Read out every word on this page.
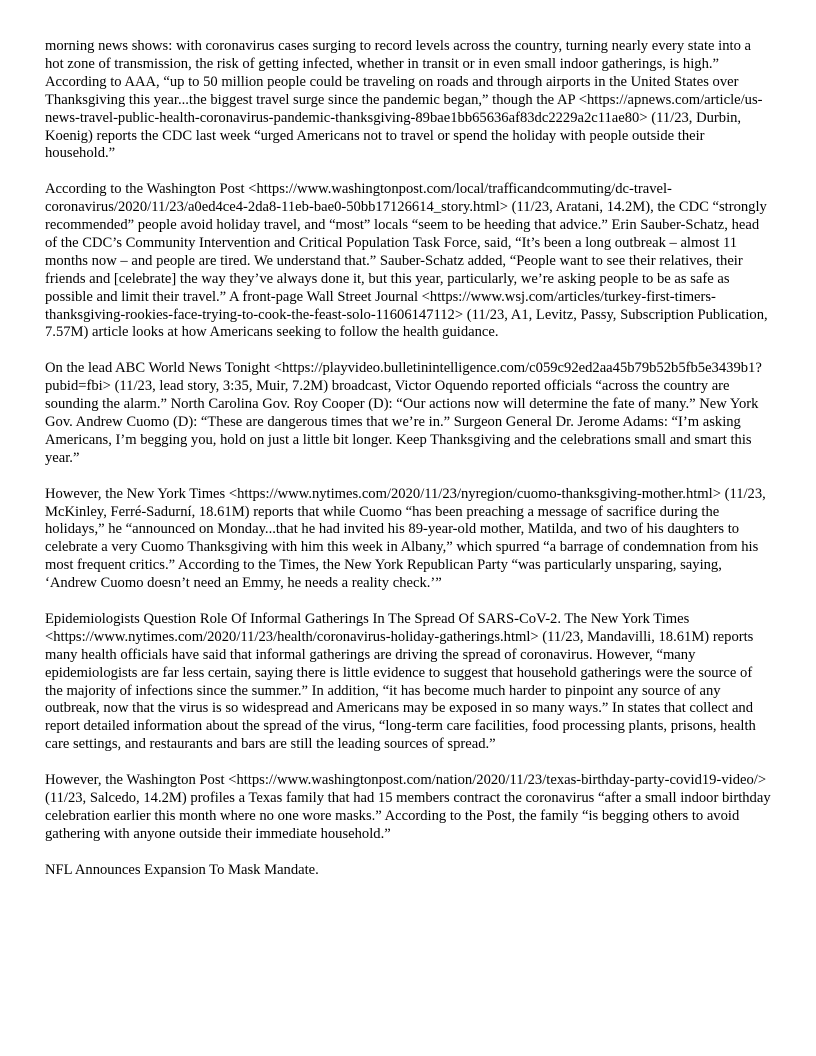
morning news shows: with coronavirus cases surging to record levels across the country, turning nearly every state into a hot zone of transmission, the risk of getting infected, whether in transit or in even small indoor gatherings, is high.” According to AAA, “up to 50 million people could be traveling on roads and through airports in the United States over Thanksgiving this year...the biggest travel surge since the pandemic began,” though the AP <https://apnews.com/article/us-news-travel-public-health-coronavirus-pandemic-thanksgiving-89bae1bb65636af83dc2229a2c11ae80> (11/23, Durbin, Koenig) reports the CDC last week “urged Americans not to travel or spend the holiday with people outside their household.”

According to the Washington Post <https://www.washingtonpost.com/local/trafficandcommuting/dc-travel-coronavirus/2020/11/23/a0ed4ce4-2da8-11eb-bae0-50bb17126614_story.html> (11/23, Aratani, 14.2M), the CDC “strongly recommended” people avoid holiday travel, and “most” locals “seem to be heeding that advice.” Erin Sauber-Schatz, head of the CDC’s Community Intervention and Critical Population Task Force, said, “It’s been a long outbreak – almost 11 months now – and people are tired. We understand that.” Sauber-Schatz added, “People want to see their relatives, their friends and [celebrate] the way they’ve always done it, but this year, particularly, we’re asking people to be as safe as possible and limit their travel.” A front-page Wall Street Journal <https://www.wsj.com/articles/turkey-first-timers-thanksgiving-rookies-face-trying-to-cook-the-feast-solo-11606147112> (11/23, A1, Levitz, Passy, Subscription Publication, 7.57M) article looks at how Americans seeking to follow the health guidance.

On the lead ABC World News Tonight <https://playvideo.bulletinintelligence.com/c059c92ed2aa45b79b52b5fb5e3439b1?pubid=fbi> (11/23, lead story, 3:35, Muir, 7.2M) broadcast, Victor Oquendo reported officials “across the country are sounding the alarm.” North Carolina Gov. Roy Cooper (D): “Our actions now will determine the fate of many.” New York Gov. Andrew Cuomo (D): “These are dangerous times that we’re in.” Surgeon General Dr. Jerome Adams: “I’m asking Americans, I’m begging you, hold on just a little bit longer. Keep Thanksgiving and the celebrations small and smart this year.”

However, the New York Times <https://www.nytimes.com/2020/11/23/nyregion/cuomo-thanksgiving-mother.html> (11/23, McKinley, Ferré-Sadurní, 18.61M) reports that while Cuomo “has been preaching a message of sacrifice during the holidays,” he “announced on Monday...that he had invited his 89-year-old mother, Matilda, and two of his daughters to celebrate a very Cuomo Thanksgiving with him this week in Albany,” which spurred “a barrage of condemnation from his most frequent critics.” According to the Times, the New York Republican Party “was particularly unsparing, saying, ‘Andrew Cuomo doesn’t need an Emmy, he needs a reality check.’”

Epidemiologists Question Role Of Informal Gatherings In The Spread Of SARS-CoV-2. The New York Times <https://www.nytimes.com/2020/11/23/health/coronavirus-holiday-gatherings.html> (11/23, Mandavilli, 18.61M) reports many health officials have said that informal gatherings are driving the spread of coronavirus. However, “many epidemiologists are far less certain, saying there is little evidence to suggest that household gatherings were the source of the majority of infections since the summer.” In addition, “it has become much harder to pinpoint any source of any outbreak, now that the virus is so widespread and Americans may be exposed in so many ways.” In states that collect and report detailed information about the spread of the virus, “long-term care facilities, food processing plants, prisons, health care settings, and restaurants and bars are still the leading sources of spread.”

However, the Washington Post <https://www.washingtonpost.com/nation/2020/11/23/texas-birthday-party-covid19-video/> (11/23, Salcedo, 14.2M) profiles a Texas family that had 15 members contract the coronavirus “after a small indoor birthday celebration earlier this month where no one wore masks.” According to the Post, the family “is begging others to avoid gathering with anyone outside their immediate household.”

NFL Announces Expansion To Mask Mandate.
